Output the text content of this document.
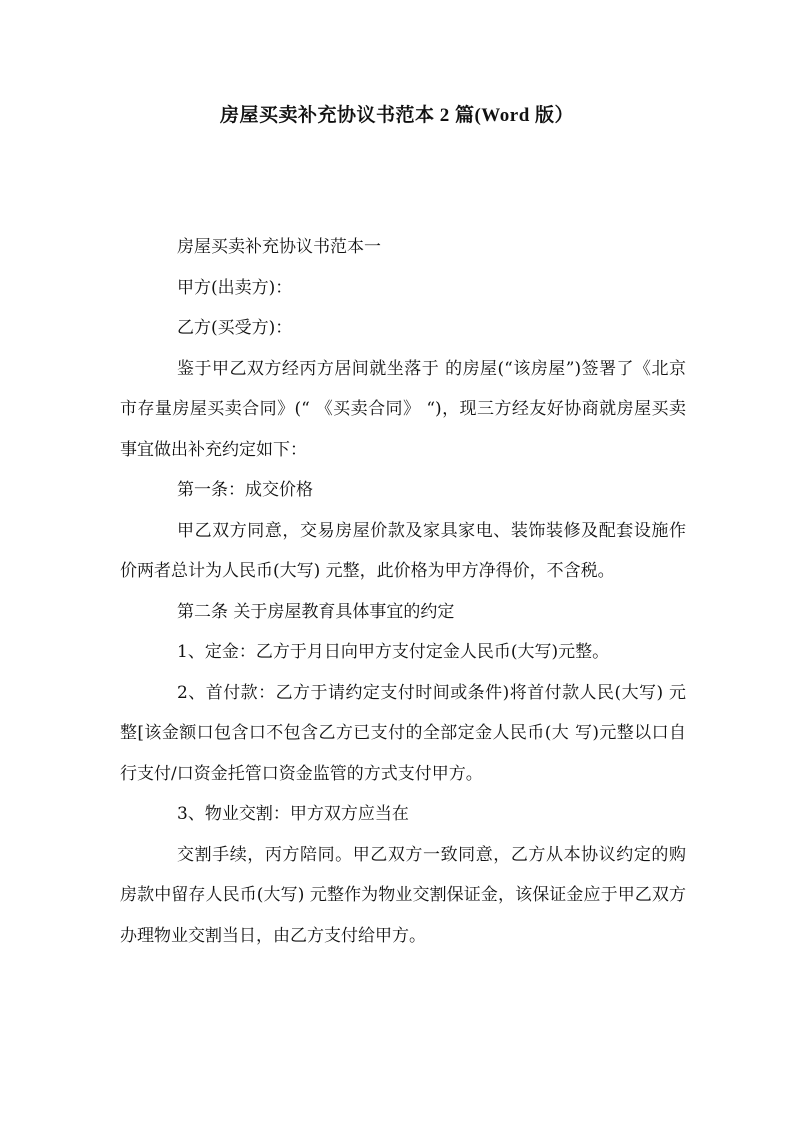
房屋买卖补充协议书范本 2 篇(Word 版）

房屋买卖补充协议书范本一

甲方(出卖方)：

乙方(买受方)：

鉴于甲乙双方经丙方居间就坐落于 的房屋(“该房屋”)签署了《北京市存量房屋买卖合同》(“ 《买卖合同》 “)，现三方经友好协商就房屋买卖事宜做出补充约定如下：

第一条：成交价格

甲乙双方同意，交易房屋价款及家具家电、装饰装修及配套设施作价两者总计为人民币(大写) 元整，此价格为甲方净得价，不含税。

第二条 关于房屋教育具体事宜的约定

1、定金：乙方于月日向甲方支付定金人民币(大写)元整。

2、首付款：乙方于请约定支付时间或条件)将首付款人民(大写) 元整[该金额口包含口不包含乙方已支付的全部定金人民币(大 写)元整以口自行支付/口资金托管口资金监管的方式支付甲方。

3、物业交割：甲方双方应当在

交割手续，丙方陪同。甲乙双方一致同意，乙方从本协议约定的购房款中留存人民币(大写) 元整作为物业交割保证金，该保证金应于甲乙双方办理物业交割当日，由乙方支付给甲方。
